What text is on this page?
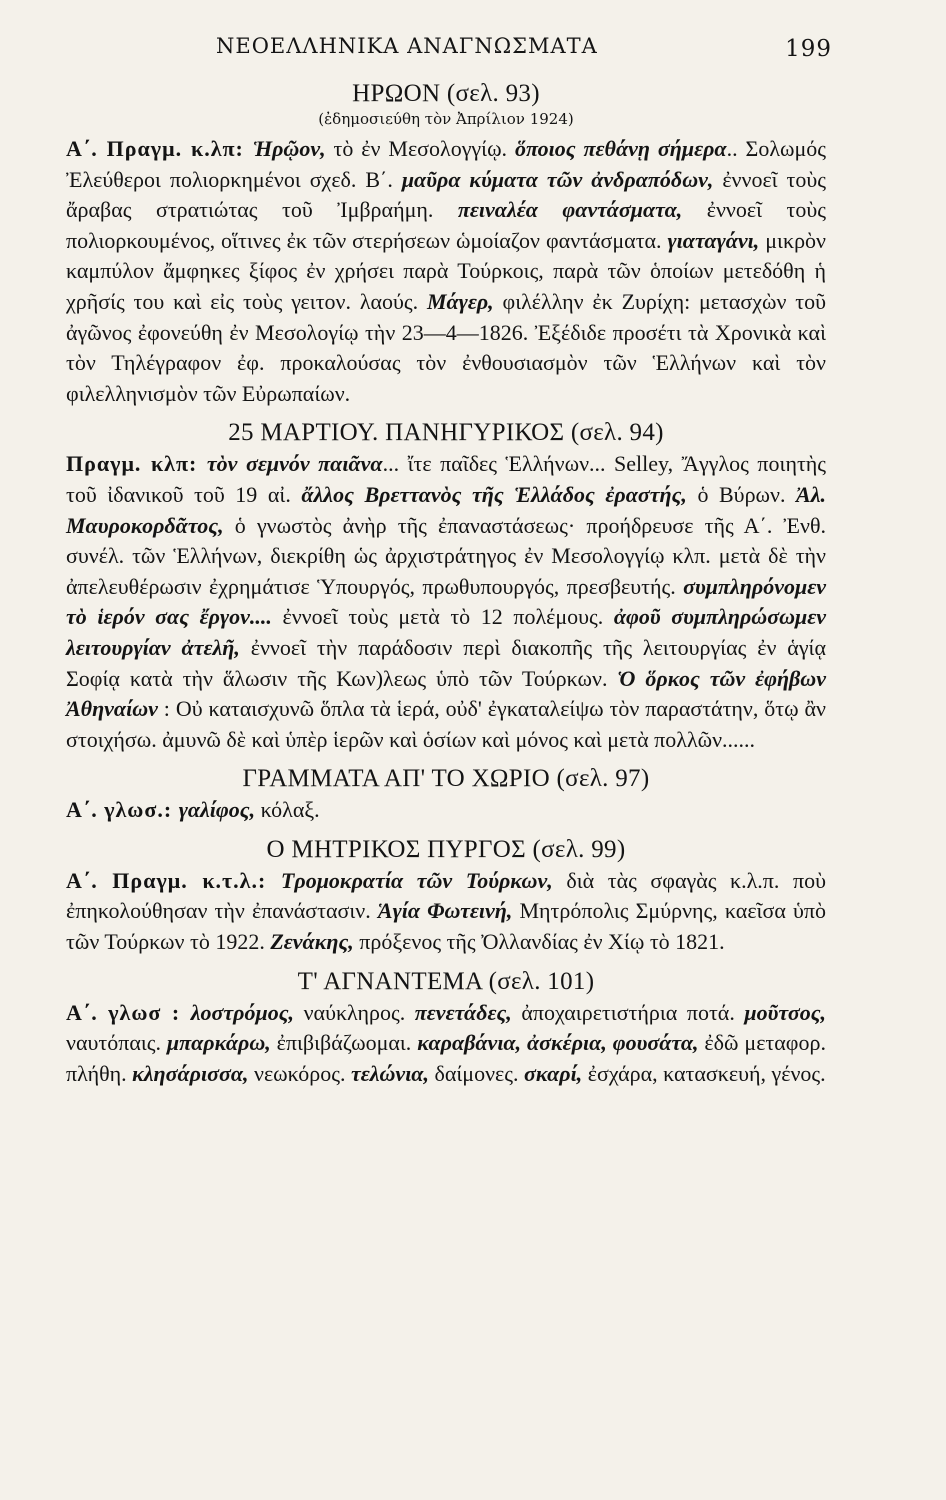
ΝΕΟΕΛΛΗΝΙΚΑ ΑΝΑΓΝΩΣΜΑΤΑ	199
ΗΡΩΟΝ (σελ. 93)
(ἐδημοσιεύθη τὸν Ἀπρίλιον 1924)

Α΄. Πραγμ. κ.λπ: Ἡρῷον, τὸ ἐν Μεσολογγίῳ. ὅποιος πεθάνῃ σήμερα.. Σολωμός Ἐλεύθεροι πολιορκημένοι σχεδ. Β΄. μαῦρα κύματα τῶν ἀνδραπόδων, ἐννοεῖ τοὺς ἄραβας στρατιώτας τοῦ Ἰμβραήμη. πειναλέα φαντάσματα, ἐννοεῖ τοὺς πολιορκουμένος, οἵτινες ἐκ τῶν στερήσεων ὡμοίαζον φαντάσματα. γιαταγάνι, μικρὸν καμπύλον ἄμφηκες ξίφος ἐν χρήσει παρὰ Τούρκοις, παρὰ τῶν ὁποίων μετεδόθη ἡ χρῆσίς του καὶ εἰς τοὺς γειτον. λαούς. Μάγερ, φιλέλλην ἐκ Ζυρίχη: μετασχὼν τοῦ ἀγῶνος ἐφονεύθη ἐν Μεσολογίῳ τὴν 23—4—1826. Ἐξέδιδε προσέτι τὰ Χρονικὰ καὶ τὸν Τηλέγραφον ἐφ. προκαλούσας τὸν ἐνθουσιασμὸν τῶν Ἑλλήνων καὶ τὸν φιλελληνισμὸν τῶν Εὐρωπαίων.

25 ΜΑΡΤΙΟΥ. ΠΑΝΗΓΥΡΙΚΟΣ (σελ. 94)

Πραγμ. κλπ: τὸν σεμνόν παιᾶνα... ἴτε παῖδες Ἑλλήνων... Selley, Ἄγγλος ποιητὴς τοῦ ἰδανικοῦ τοῦ 19 αἰ. ἄλλος Βρεττανὸς τῆς Ἑλλάδος ἐραστής, ὁ Βύρων. Ἀλ. Μαυροκορδᾶτος, ὁ γνωστὸς ἀνὴρ τῆς ἐπαναστάσεως· προήδρευσε τῆς Α΄. Ἐνθ. συνέλ. τῶν Ἑλλήνων, διεκρίθη ὡς ἀρχιστράτηγος ἐν Μεσολογγίῳ κλπ. μετὰ δὲ τὴν ἀπελευθέρωσιν ἐχρημάτισε Ὑπουργός, πρωθυπουργός, πρεσβευτής. συμπληρόνομεν τὸ ἱερόν σας ἔργον.... ἐννοεῖ τοὺς μετὰ τὸ 12 πολέμους. ἀφοῦ συμπληρώσωμεν λειτουργίαν ἀτελῆ, ἐννοεῖ τὴν παράδοσιν περὶ διακοπῆς τῆς λειτουργίας ἐν ἁγίᾳ Σοφίᾳ κατὰ τὴν ἅλωσιν τῆς Κων)λεως ὑπὸ τῶν Τούρκων. Ὁ ὅρκος τῶν ἐφήβων Ἀθηναίων : Οὐ καταισχυνῶ ὅπλα τὰ ἱερά, οὐδ' ἐγκαταλείψω τὸν παραστάτην, ὅτῳ ἂν στοιχήσω. ἀμυνῶ δὲ καὶ ὑπὲρ ἱερῶν καὶ ὁσίων καὶ μόνος καὶ μετὰ πολλῶν......

ΓΡΑΜΜΑΤΑ ΑΠ' ΤΟ ΧΩΡΙΟ (σελ. 97)

Α΄. γλωσ.: γαλίφος, κόλαξ.

Ο ΜΗΤΡΙΚΟΣ ΠΥΡΓΟΣ (σελ. 99)

Α΄. Πραγμ. κ.τ.λ.: Τρομοκρατία τῶν Τούρκων, διὰ τὰς σφαγὰς κ.λ.π. ποὺ ἐπηκολούθησαν τὴν ἐπανάστασιν. Ἁγία Φωτεινή, Μητρόπολις Σμύρνης, καεῖσα ὑπὸ τῶν Τούρκων τὸ 1922. Ζενάκης, πρόξενος τῆς Ὀλλανδίας ἐν Χίῳ τὸ 1821.

Τ' ΑΓΝΑΝΤΕΜΑ (σελ. 101)

Α΄. γλωσ : λοστρόμος, ναύκληρος. πενετάδες, ἀποχαιρετιστήρια ποτά. μοῦτσος, ναυτόπαις. μπαρκάρω, ἐπιβιβάζωομαι. καραβάνια, ἀσκέρια, φουσάτα, ἐδῶ μεταφορ. πλήθη. κλησάρισσα, νεωκόρος. τελώνια, δαίμονες. σκαρί, ἐσχάρα, κατασκευή, γένος.
